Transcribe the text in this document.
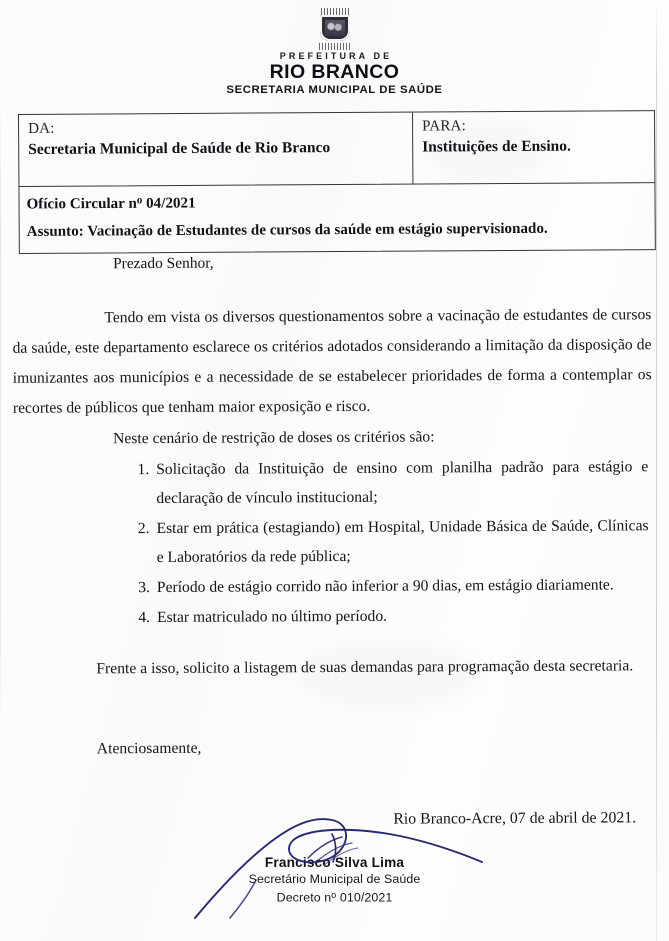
PREFEITURA DE
RIO BRANCO
SECRETARIA MUNICIPAL DE SAÚDE
DA:
Secretaria Municipal de Saúde de Rio Branco
PARA:
Instituições de Ensino.
Ofício Circular $n^o$ 04/2021
Assunto: Vacinação de Estudantes de cursos da saúde em estágio supervisionado.

Prezado Senhor,

Tendo em vista os diversos questionamentos sobre a vacinação de estudantes de cursos da saúde, este departamento esclarece os critérios adotados considerando a limitação da disposição de imunizantes aos municípios e a necessidade de se estabelecer prioridades de forma a contemplar os recortes de públicos que tenham maior exposição e risco.

Neste cenário de restrição de doses os critérios são:

Solicitação da Instituição de ensino com planilha padrão para estágio e declaração de vínculo institucional;
Estar em prática (estagiando) em Hospital, Unidade Básica de Saúde, Clínicas e Laboratórios da rede pública;
Período de estágio corrido não inferior a 90 dias, em estágio diariamente.
Estar matriculado no último período.

Frente a isso, solicito a listagem de suas demandas para programação desta secretaria.

Atenciosamente,

Rio Branco-Acre, 07 de abril de 2021.

Francisco Silva Lima
Secretário Municipal de Saúde
Decreto $n^o$ 010/2021
